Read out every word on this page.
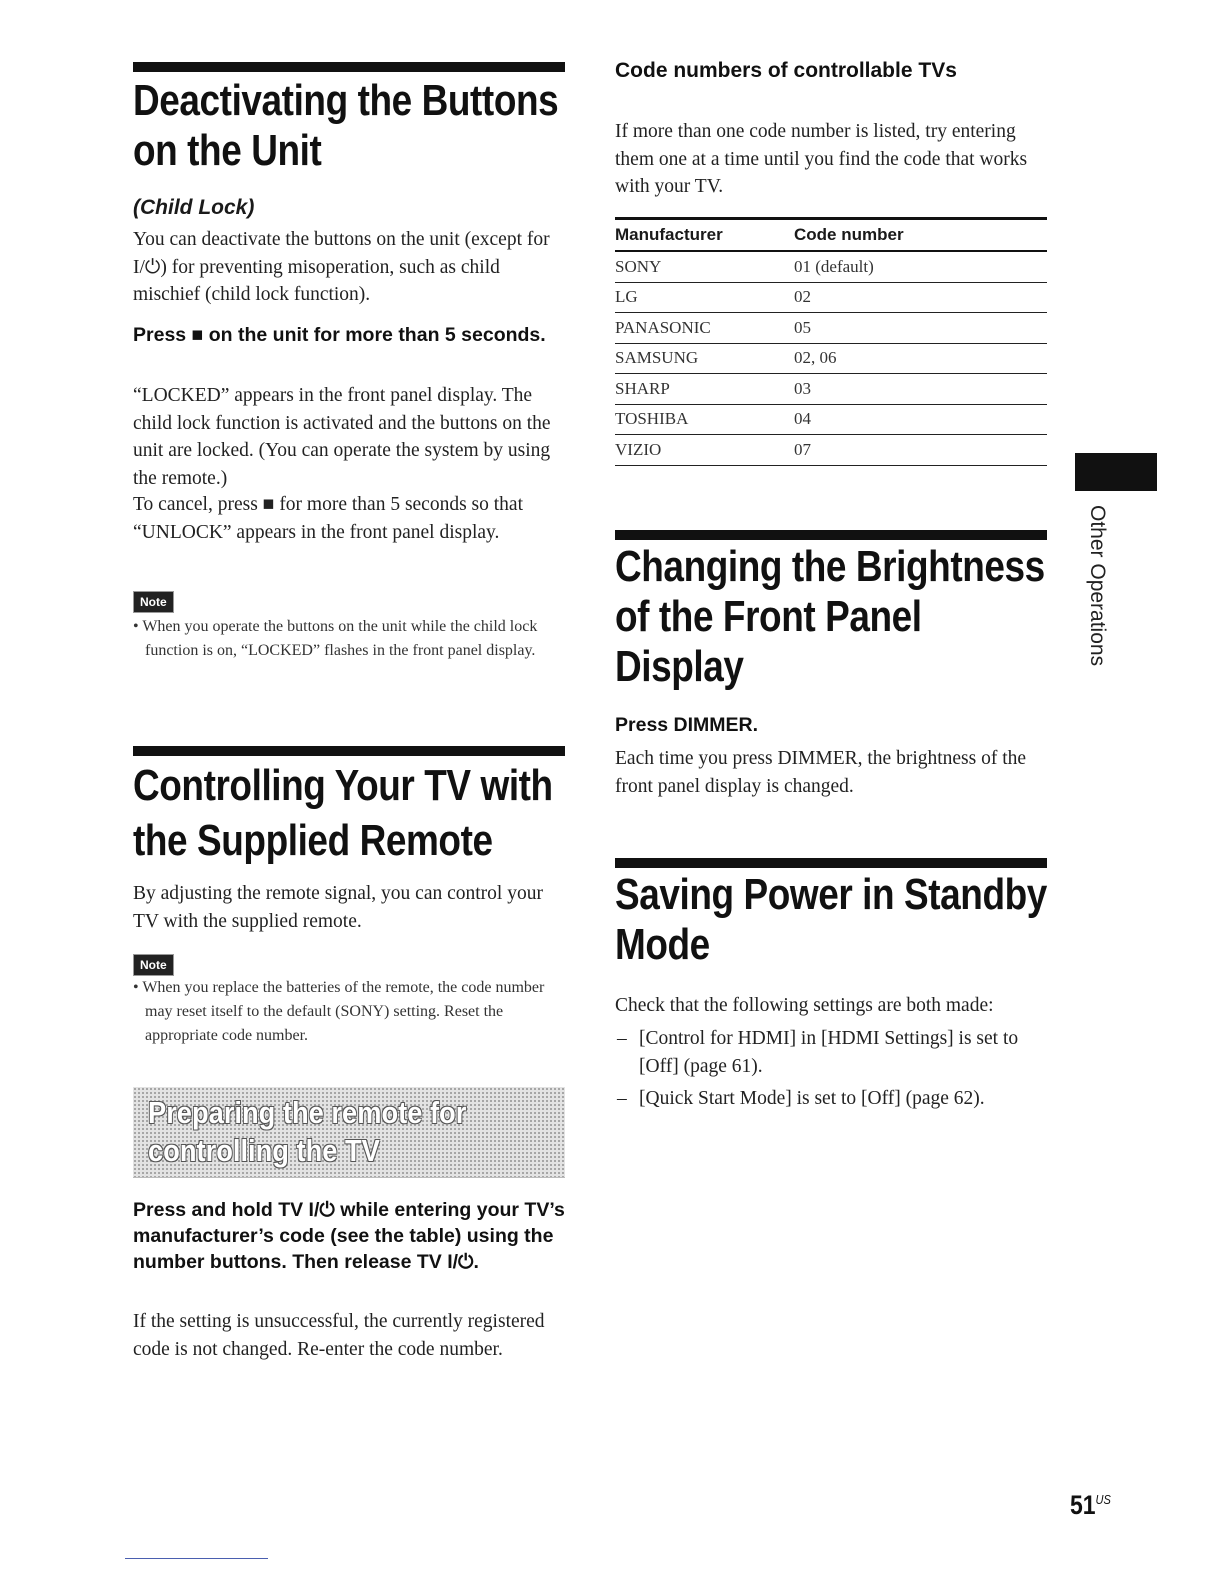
Deactivating the Buttons
on the Unit

(Child Lock)

You can deactivate the buttons on the unit (except for I/⏻) for preventing misoperation, such as child mischief (child lock function).

Press ■ on the unit for more than 5 seconds.

“LOCKED” appears in the front panel display. The child lock function is activated and the buttons on the unit are locked. (You can operate the system by using the remote.)

To cancel, press ■ for more than 5 seconds so that “UNLOCK” appears in the front panel display.

Note

• When you operate the buttons on the unit while the child lock function is on, “LOCKED” flashes in the front panel display.

Controlling Your TV with
the Supplied Remote

By adjusting the remote signal, you can control your TV with the supplied remote.

Note

• When you replace the batteries of the remote, the code number may reset itself to the default (SONY) setting. Reset the appropriate code number.

Preparing the remote for
controlling the TV

Press and hold TV I/⏻ while entering your TV’s manufacturer’s code (see the table) using the number buttons. Then release TV I/⏻.

If the setting is unsuccessful, the currently registered code is not changed. Re-enter the code number.

Code numbers of controllable TVs

If more than one code number is listed, try entering them one at a time until you find the code that works with your TV.

Manufacturer	Code number
SONY	01 (default)
LG	02
PANASONIC	05
SAMSUNG	02, 06
SHARP	03
TOSHIBA	04
VIZIO	07
Changing the Brightness
of the Front Panel
Display

Press DIMMER.

Each time you press DIMMER, the brightness of the front panel display is changed.

Saving Power in Standby
Mode

Check that the following settings are both made:

– [Control for HDMI] in [HDMI Settings] is set to [Off] (page 61).

– [Quick Start Mode] is set to [Off] (page 62).

Other Operations
$51^{US}$
